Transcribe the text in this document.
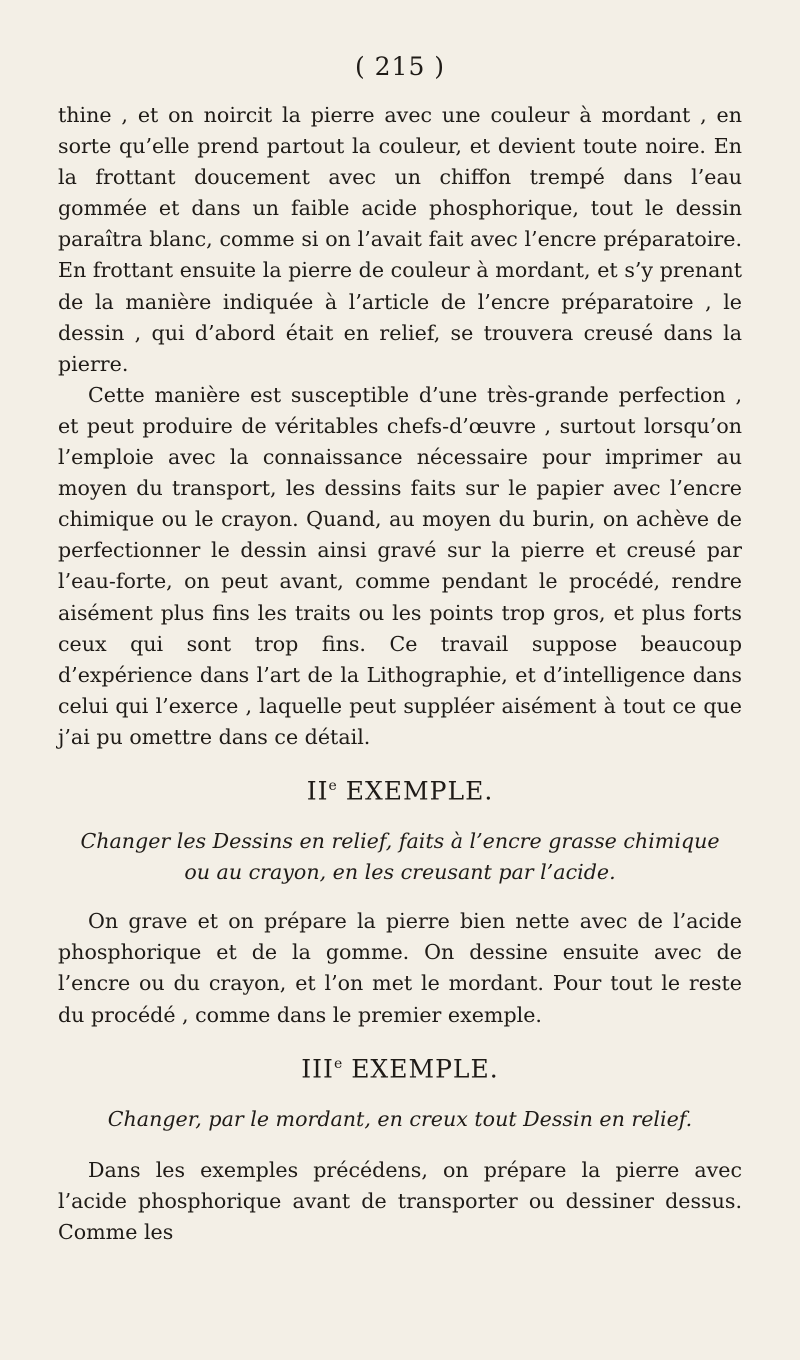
( 215 )

thine , et on noircit la pierre avec une couleur à mordant , en sorte qu’elle prend partout la couleur, et devient toute noire. En la frottant doucement avec un chiffon trempé dans l’eau gommée et dans un faible acide phosphorique, tout le dessin paraîtra blanc, comme si on l’avait fait avec l’encre préparatoire. En frottant ensuite la pierre de couleur à mordant, et s’y prenant de la manière indiquée à l’article de l’encre préparatoire , le dessin , qui d’abord était en relief, se trouvera creusé dans la pierre.

Cette manière est susceptible d’une très-grande perfection , et peut produire de véritables chefs-d’œuvre , surtout lorsqu’on l’emploie avec la connaissance nécessaire pour imprimer au moyen du transport, les dessins faits sur le papier avec l’encre chimique ou le crayon. Quand, au moyen du burin, on achève de perfectionner le dessin ainsi gravé sur la pierre et creusé par l’eau-forte, on peut avant, comme pendant le procédé, rendre aisément plus fins les traits ou les points trop gros, et plus forts ceux qui sont trop fins. Ce travail suppose beaucoup d’expérience dans l’art de la Lithographie, et d’intelligence dans celui qui l’exerce , laquelle peut suppléer aisément à tout ce que j’ai pu omettre dans ce détail.

IIe EXEMPLE.
Changer les Dessins en relief, faits à l’encre grasse chimique
ou au crayon, en les creusant par l’acide.

On grave et on prépare la pierre bien nette avec de l’acide phosphorique et de la gomme. On dessine ensuite avec de l’encre ou du crayon, et l’on met le mordant. Pour tout le reste du procédé , comme dans le premier exemple.

IIIe EXEMPLE.
Changer, par le mordant, en creux tout Dessin en relief.

Dans les exemples précédens, on prépare la pierre avec l’acide phosphorique avant de transporter ou dessiner dessus. Comme les
